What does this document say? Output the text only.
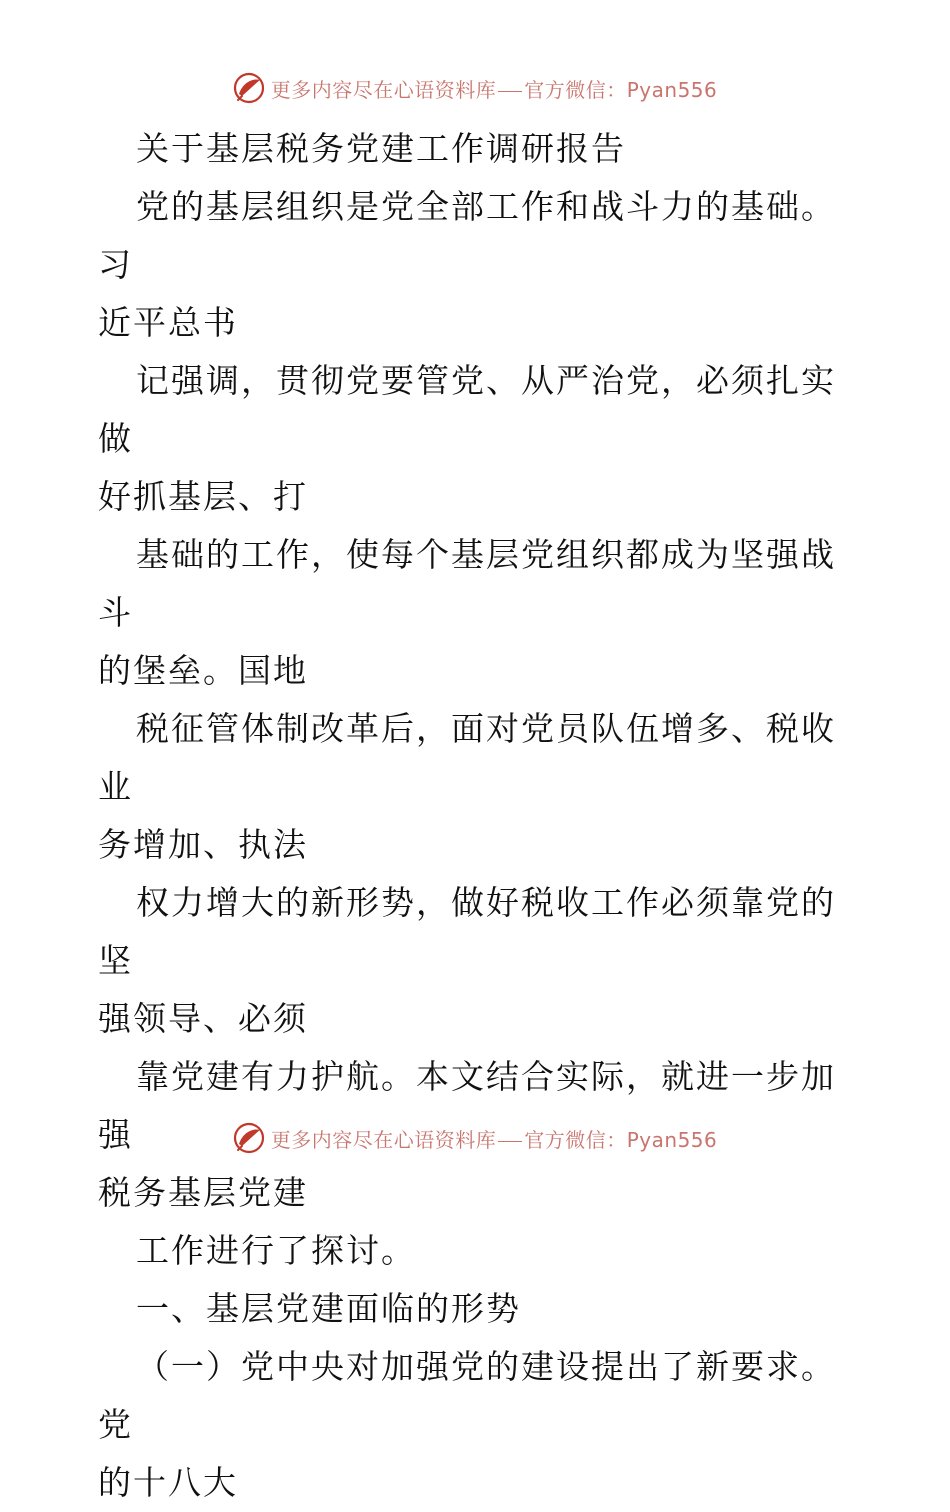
更多内容尽在心语资料库 官方微信：Pyan556

关于基层税务党建工作调研报告

党的基层组织是党全部工作和战斗力的基础。习

近平总书

记强调，贯彻党要管党、从严治党，必须扎实做

好抓基层、打

基础的工作，使每个基层党组织都成为坚强战斗

的堡垒。国地

税征管体制改革后，面对党员队伍增多、税收业

务增加、执法

权力增大的新形势，做好税收工作必须靠党的坚

强领导、必须

靠党建有力护航。本文结合实际，就进一步加强

税务基层党建

工作进行了探讨。

一、基层党建面临的形势

（一）党中央对加强党的建设提出了新要求。党

的十八大

更多内容尽在心语资料库 官方微信：Pyan556
